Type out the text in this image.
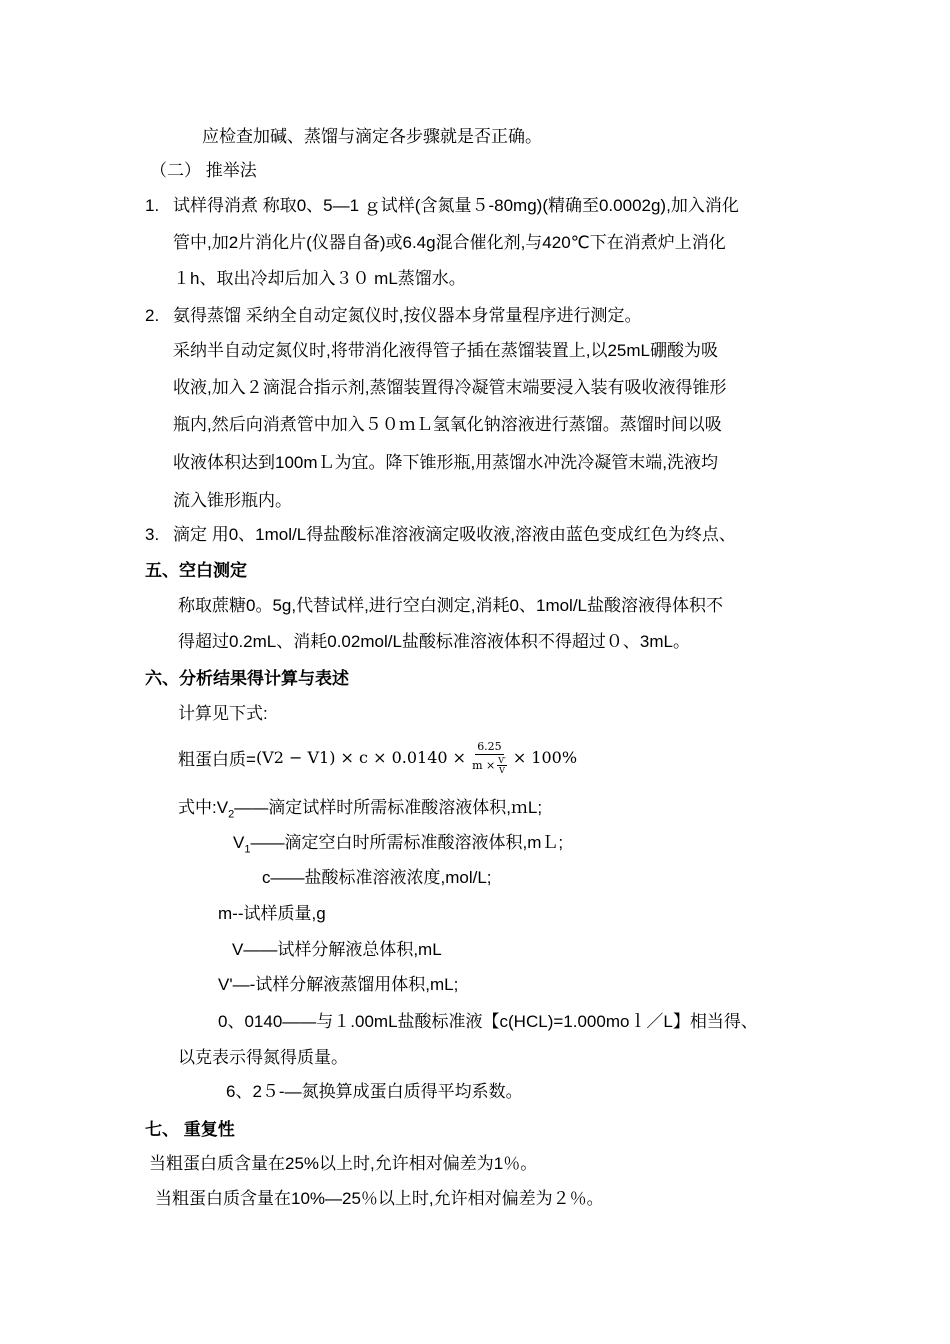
应检查加碱、蒸馏与滴定各步骤就是否正确。
（二） 推举法
1. 试样得消煮 称取0、5—1 ｇ试样(含氮量５-80mg)(精确至0.0002g),加入消化
管中,加2片消化片(仪器自备)或6.4g混合催化剂,与420℃下在消煮炉上消化
１h、取出冷却后加入３０ mL蒸馏水。
2. 氨得蒸馏 采纳全自动定氮仪时,按仪器本身常量程序进行测定。
采纳半自动定氮仪时,将带消化液得管子插在蒸馏装置上,以25mL硼酸为吸
收液,加入２滴混合指示剂,蒸馏装置得冷凝管末端要浸入装有吸收液得锥形
瓶内,然后向消煮管中加入５０ｍＬ氢氧化钠溶液进行蒸馏。蒸馏时间以吸
收液体积达到100mＬ为宜。降下锥形瓶,用蒸馏水冲洗冷凝管末端,洗液均
流入锥形瓶内。
3. 滴定 用0、1mol/L得盐酸标准溶液滴定吸收液,溶液由蓝色变成红色为终点、
五、空白测定
称取蔗糖0。5g,代替试样,进行空白测定,消耗0、1mol/L盐酸溶液得体积不
得超过0.2mL、消耗0.02mol/L盐酸标准溶液体积不得超过０、3mL。
六、分析结果得计算与表述
计算见下式:
粗蛋白质= $(V2 - V1) \times c \times 0.0140 \times \frac{6.25}{m \times \frac{V'}{V}} \times 100\%$
式中$:V_2——$滴定试样时所需标准酸溶液体积,ｍL;
$V_1——$滴定空白时所需标准酸溶液体积,mＬ;
c——盐酸标准溶液浓度,mol/L;
m--试样质量,g
V——试样分解液总体积,mL
V'—-试样分解液蒸馏用体积,mL;
0、0140——与１.00mL盐酸标准液【c(HCL)=1.000moｌ／L】相当得、
以克表示得氮得质量。
6、2５-—氮换算成蛋白质得平均系数。
七、 重复性
当粗蛋白质含量在25%以上时,允许相对偏差为1％。
当粗蛋白质含量在10%—25％以上时,允许相对偏差为２％。
